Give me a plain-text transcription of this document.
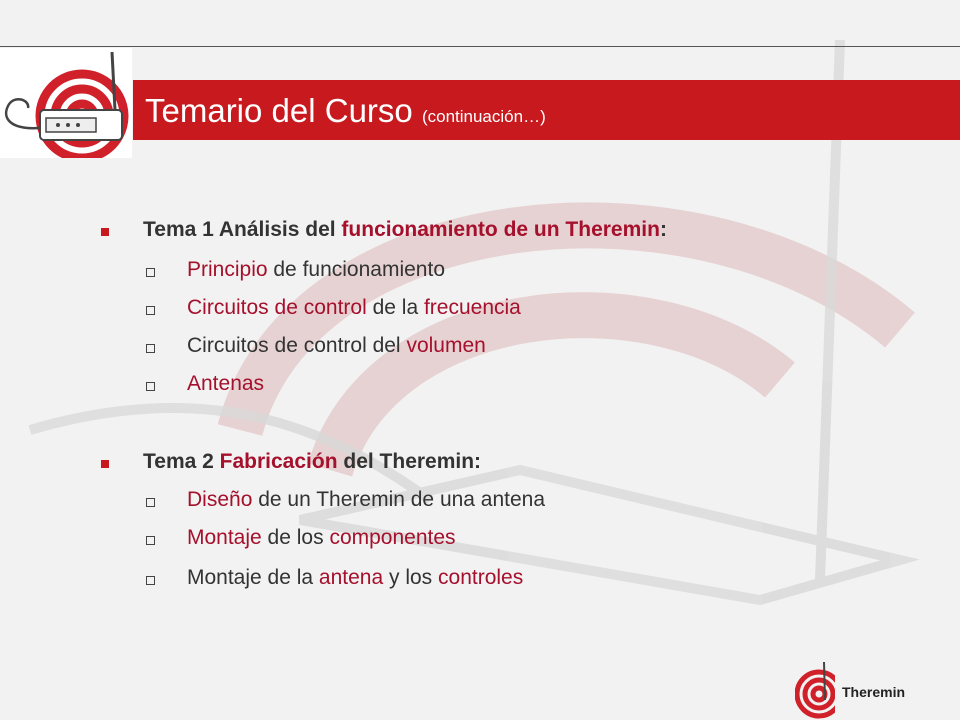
Temario del Curso (continuación…)
Tema 1 Análisis del funcionamiento de un Theremin:
Principio de funcionamiento
Circuitos de control de la frecuencia
Circuitos de control del volumen
Antenas
Tema 2 Fabricación del Theremin:
Diseño de un Theremin de una antena
Montaje de los componentes
Montaje de la antena y los controles
Theremin
